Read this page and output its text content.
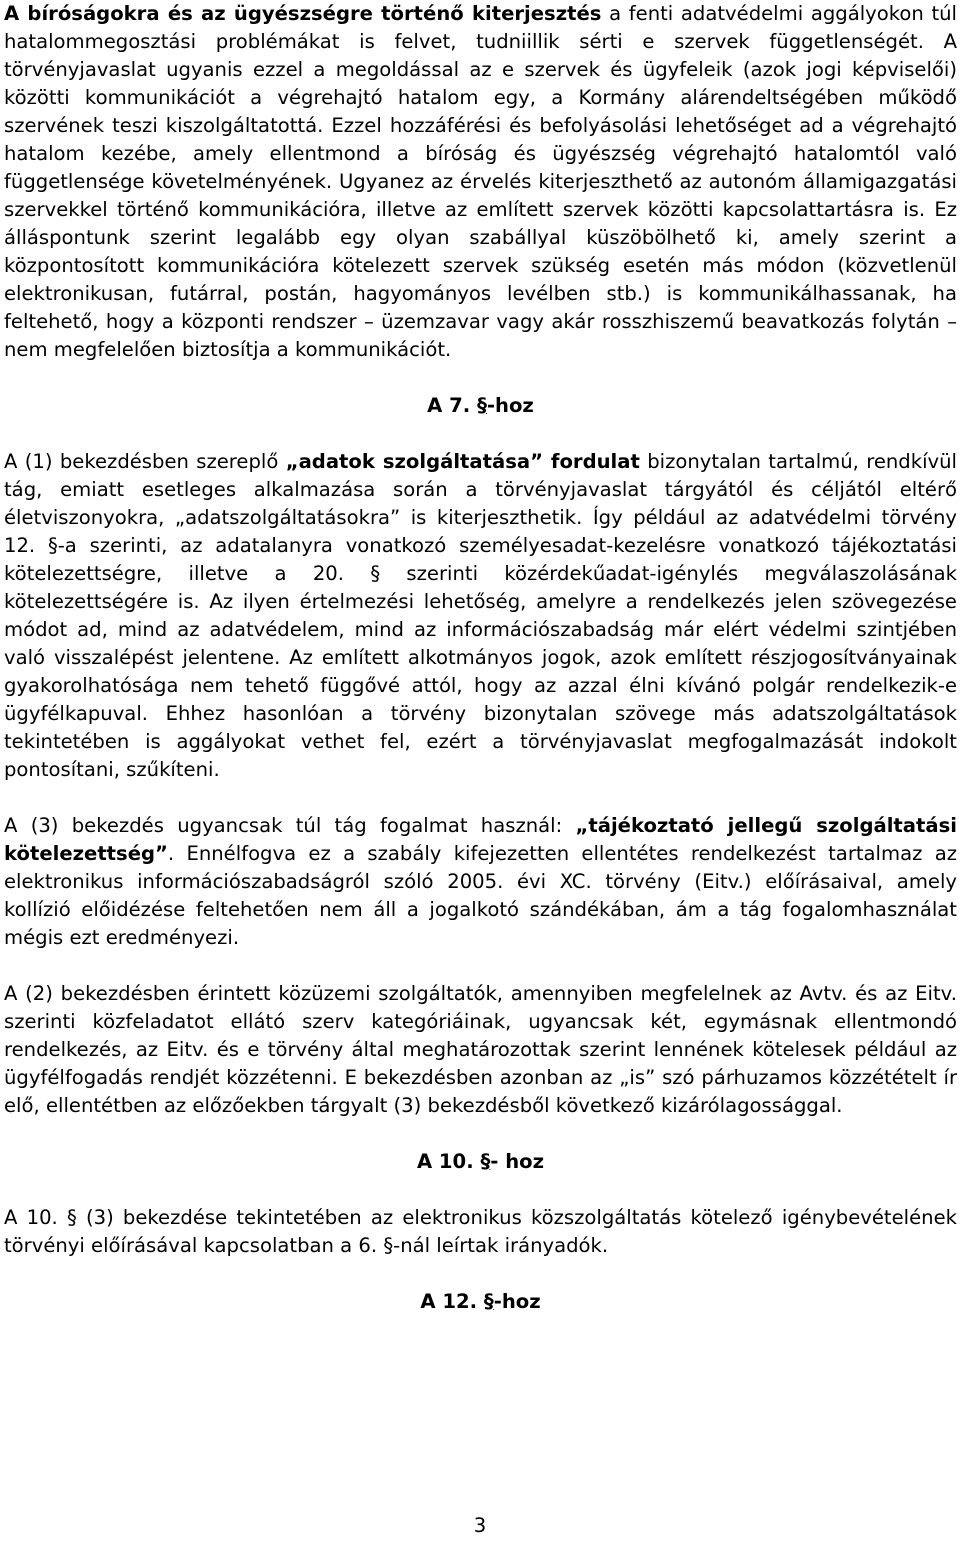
A bíróságokra és az ügyészségre történő kiterjesztés a fenti adatvédelmi aggályokon túl hatalommegosztási problémákat is felvet, tudniillik sérti e szervek függetlenségét. A törvényjavaslat ugyanis ezzel a megoldással az e szervek és ügyfeleik (azok jogi képviselői) közötti kommunikációt a végrehajtó hatalom egy, a Kormány alárendeltségében működő szervének teszi kiszolgáltatottá. Ezzel hozzáférési és befolyásolási lehetőséget ad a végrehajtó hatalom kezébe, amely ellentmond a bíróság és ügyészség végrehajtó hatalomtól való függetlensége követelményének. Ugyanez az érvelés kiterjeszthető az autonóm államigazgatási szervekkel történő kommunikációra, illetve az említett szervek közötti kapcsolattartásra is. Ez álláspontunk szerint legalább egy olyan szabállyal küszöbölhető ki, amely szerint a központosított kommunikációra kötelezett szervek szükség esetén más módon (közvetlenül elektronikusan, futárral, postán, hagyományos levélben stb.) is kommunikálhassanak, ha feltehető, hogy a központi rendszer – üzemzavar vagy akár rosszhiszemű beavatkozás folytán – nem megfelelően biztosítja a kommunikációt.

A 7. §-hoz

A (1) bekezdésben szereplő „adatok szolgáltatása” fordulat bizonytalan tartalmú, rendkívül tág, emiatt esetleges alkalmazása során a törvényjavaslat tárgyától és céljától eltérő életviszonyokra, „adatszolgáltatásokra” is kiterjeszthetik. Így például az adatvédelmi törvény 12. §-a szerinti, az adatalanyra vonatkozó személyesadat-kezelésre vonatkozó tájékoztatási kötelezettségre, illetve a 20. § szerinti közérdekűadat-igénylés megválaszolásának kötelezettségére is. Az ilyen értelmezési lehetőség, amelyre a rendelkezés jelen szövegezése módot ad, mind az adatvédelem, mind az információszabadság már elért védelmi szintjében való visszalépést jelentene. Az említett alkotmányos jogok, azok említett részjogosítványainak gyakorolhatósága nem tehető függővé attól, hogy az azzal élni kívánó polgár rendelkezik-e ügyfélkapuval. Ehhez hasonlóan a törvény bizonytalan szövege más adatszolgáltatások tekintetében is aggályokat vethet fel, ezért a törvényjavaslat megfogalmazását indokolt pontosítani, szűkíteni.

A (3) bekezdés ugyancsak túl tág fogalmat használ: „tájékoztató jellegű szolgáltatási kötelezettség”. Ennélfogva ez a szabály kifejezetten ellentétes rendelkezést tartalmaz az elektronikus információszabadságról szóló 2005. évi XC. törvény (Eitv.) előírásaival, amely kollízió előidézése feltehetően nem áll a jogalkotó szándékában, ám a tág fogalomhasználat mégis ezt eredményezi.

A (2) bekezdésben érintett közüzemi szolgáltatók, amennyiben megfelelnek az Avtv. és az Eitv. szerinti közfeladatot ellátó szerv kategóriáinak, ugyancsak két, egymásnak ellentmondó rendelkezés, az Eitv. és e törvény által meghatározottak szerint lennének kötelesek például az ügyfélfogadás rendjét közzétenni. E bekezdésben azonban az „is” szó párhuzamos közzétételt ír elő, ellentétben az előzőekben tárgyalt (3) bekezdésből következő kizárólagossággal.

A 10. §- hoz

A 10. § (3) bekezdése tekintetében az elektronikus közszolgáltatás kötelező igénybevételének törvényi előírásával kapcsolatban a 6. §-nál leírtak irányadók.

A 12. §-hoz
3
